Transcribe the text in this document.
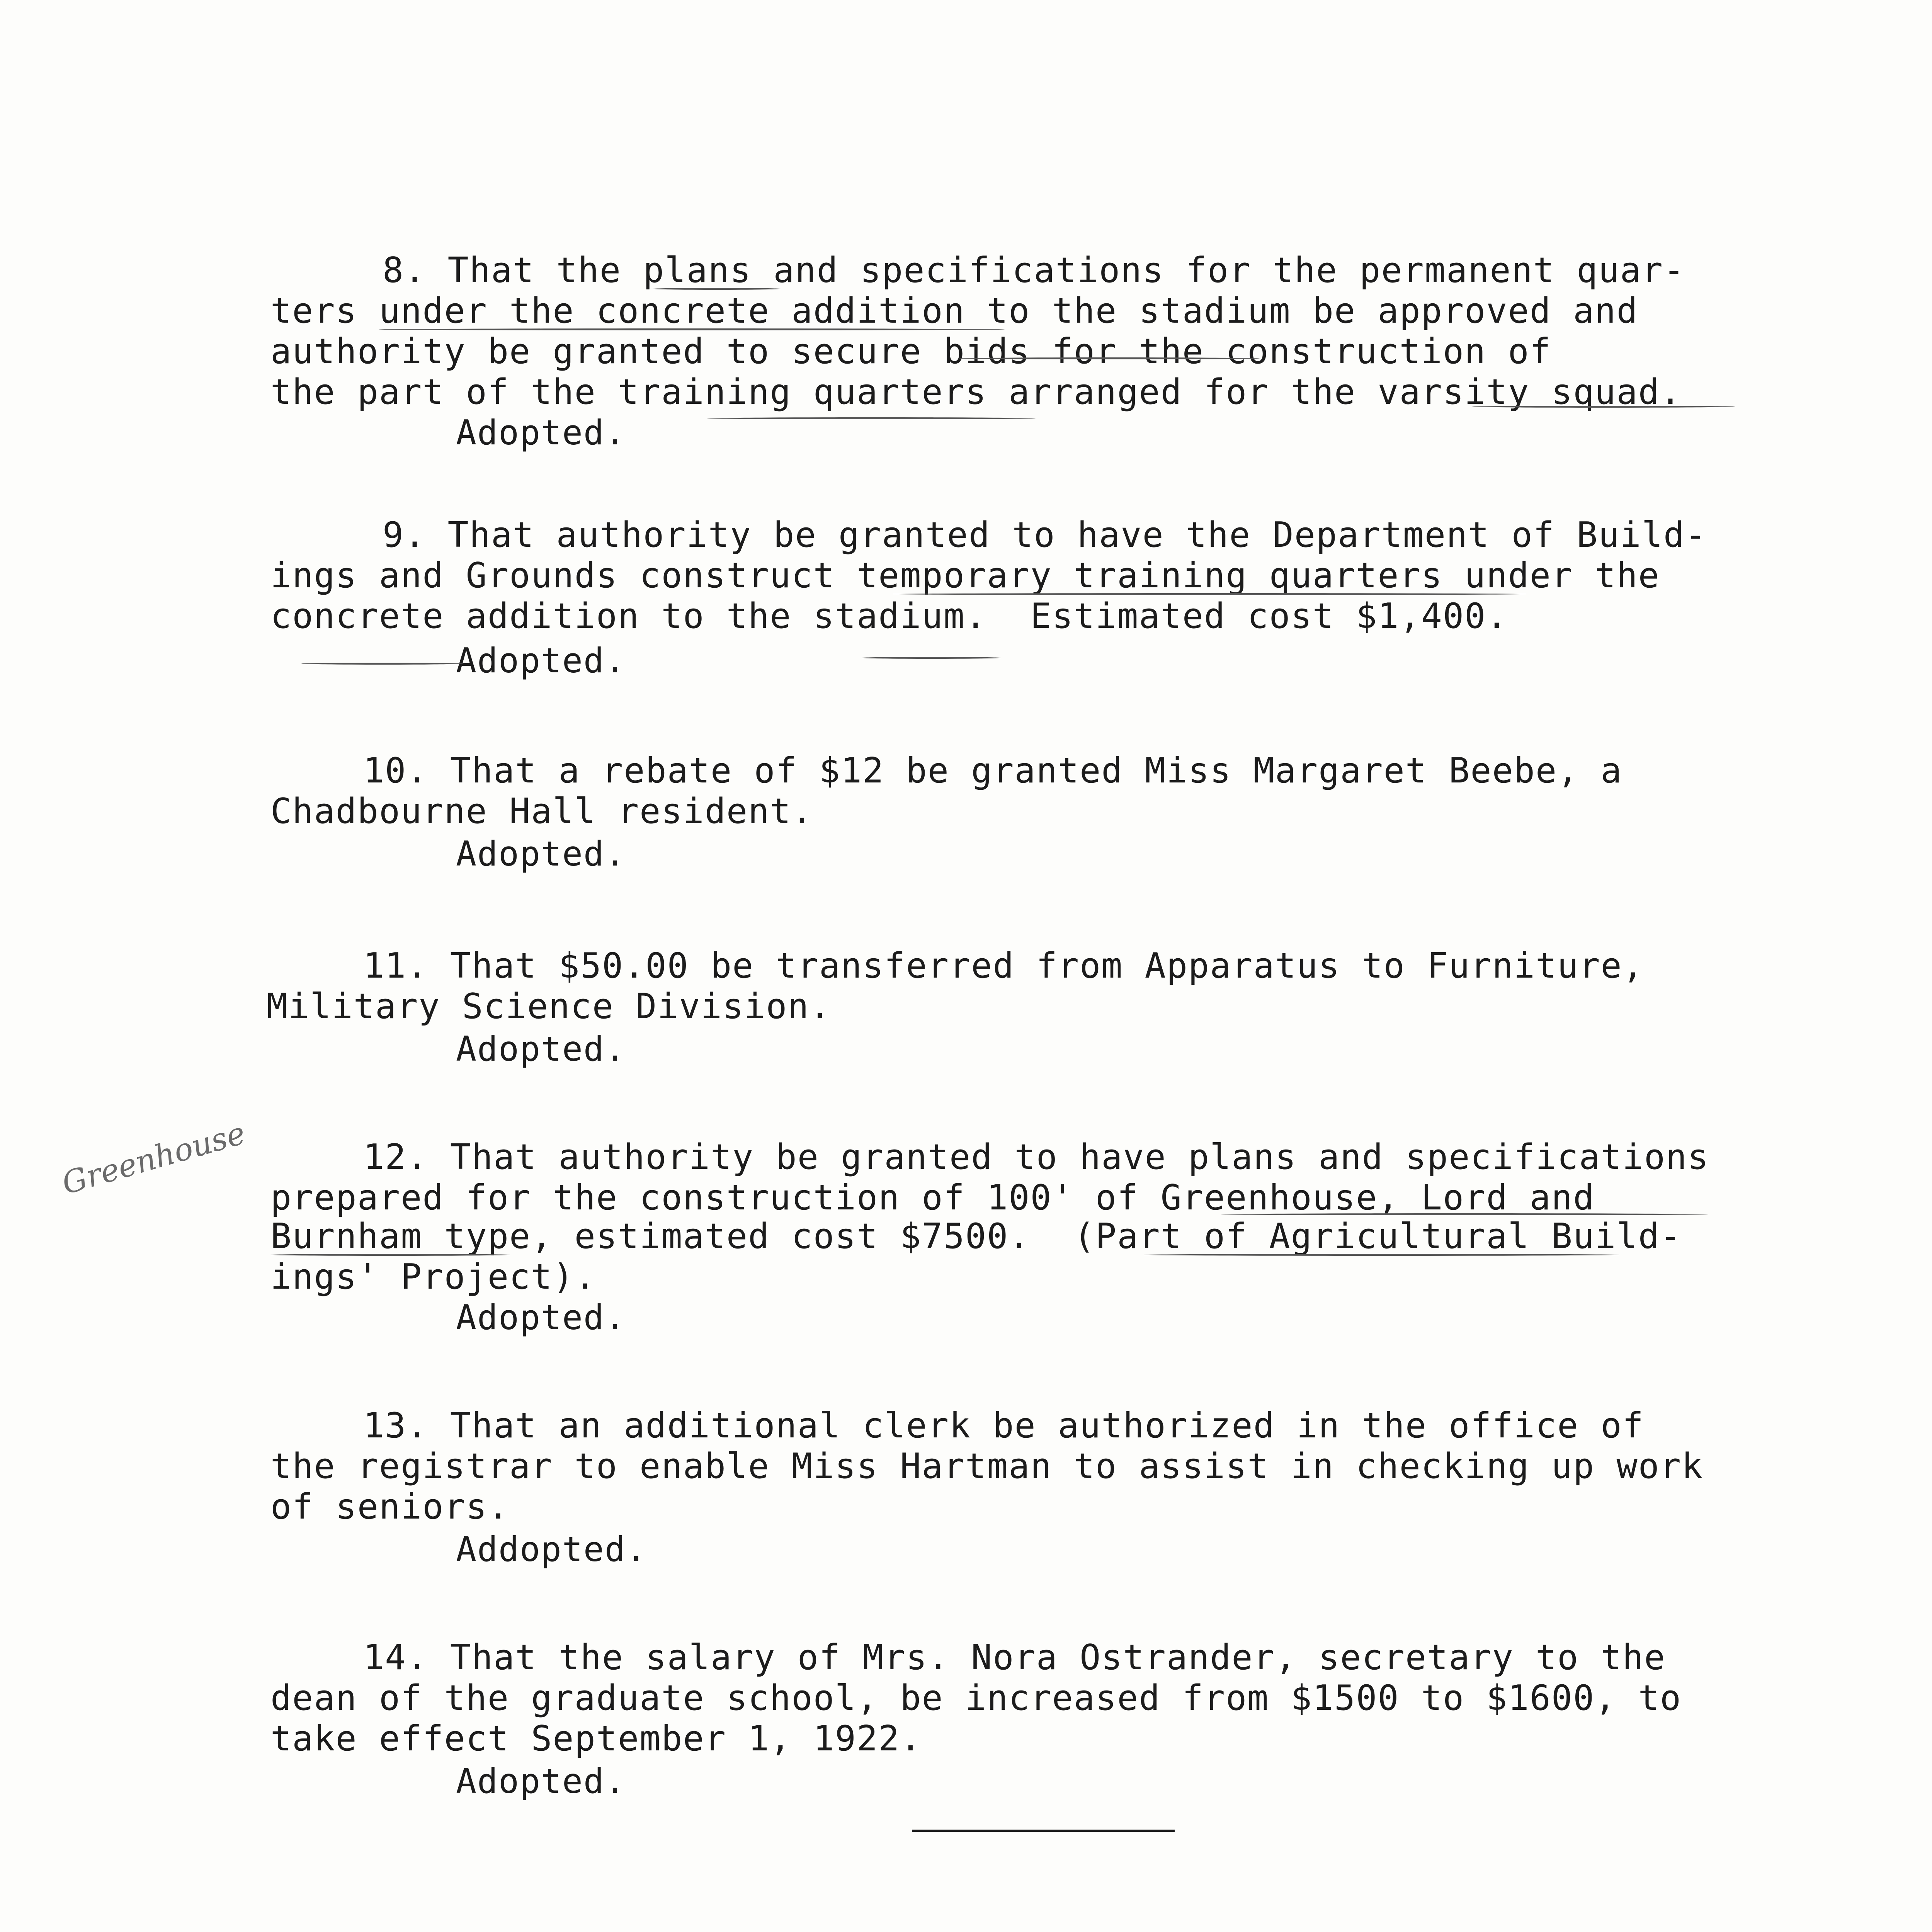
8. That the plans and specifications for the permanent quar-
ters under the concrete addition to the stadium be approved and
authority be granted to secure bids for the construction of
the part of the training quarters arranged for the varsity squad.
Adopted.
9. That authority be granted to have the Department of Build-
ings and Grounds construct temporary training quarters under the
concrete addition to the stadium.  Estimated cost $1,400.
Adopted.
10. That a rebate of $12 be granted Miss Margaret Beebe, a
Chadbourne Hall resident.
Adopted.
11. That $50.00 be transferred from Apparatus to Furniture,
Military Science Division.
Adopted.
12. That authority be granted to have plans and specifications
prepared for the construction of 100' of Greenhouse, Lord and
Burnham type, estimated cost $7500.  (Part of Agricultural Build-
ings' Project).
Adopted.
13. That an additional clerk be authorized in the office of
the registrar to enable Miss Hartman to assist in checking up work
of seniors.
Addopted.
14. That the salary of Mrs. Nora Ostrander, secretary to the
dean of the graduate school, be increased from $1500 to $1600, to
take effect September 1, 1922.
Adopted.
Greenhouse
